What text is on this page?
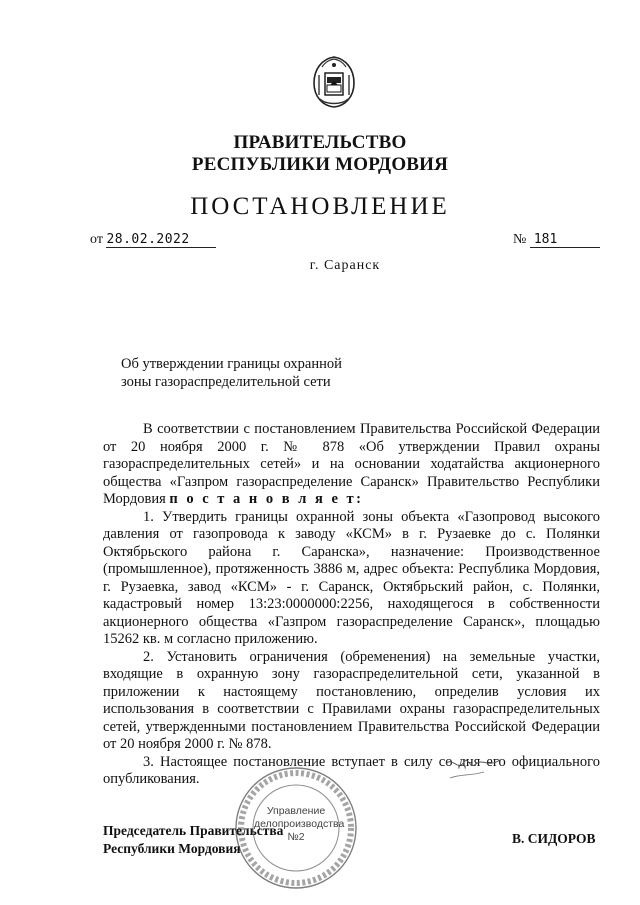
ПРАВИТЕЛЬСТВО
РЕСПУБЛИКИ МОРДОВИЯ
ПОСТАНОВЛЕНИЕ
от 28.02.2022	№ 181
г. Саранск
Об утверждении границы охранной
зоны газораспределительной сети

В соответствии с постановлением Правительства Российской Федерации от 20 ноября 2000 г. № 878 «Об утверждении Правил охраны газораспределительных сетей» и на основании ходатайства акционерного общества «Газпром газораспределение Саранск» Правительство Республики Мордовия п о с т а н о в л я е т:

1. Утвердить границы охранной зоны объекта «Газопровод высокого давления от газопровода к заводу «КСМ» в г. Рузаевке до с. Полянки Октябрьского района г. Саранска», назначение: Производственное (промышленное), протяженность 3886 м, адрес объекта: Республика Мордовия, г. Рузаевка, завод «КСМ» - г. Саранск, Октябрьский район, с. Полянки, кадастровый номер 13:23:0000000:2256, находящегося в собственности акционерного общества «Газпром газораспределение Саранск», площадью 15262 кв. м согласно приложению.

2. Установить ограничения (обременения) на земельные участки, входящие в охранную зону газораспределительной сети, указанной в приложении к настоящему постановлению, определив условия их использования в соответствии с Правилами охраны газораспределительных сетей, утвержденными постановлением Правительства Российской Федерации от 20 ноября 2000 г. № 878.

3. Настоящее постановление вступает в силу со дня его официального опубликования.

Управление
делопроизводства
№2
Председатель Правительства
Республики Мордовия
В. СИДОРОВ
